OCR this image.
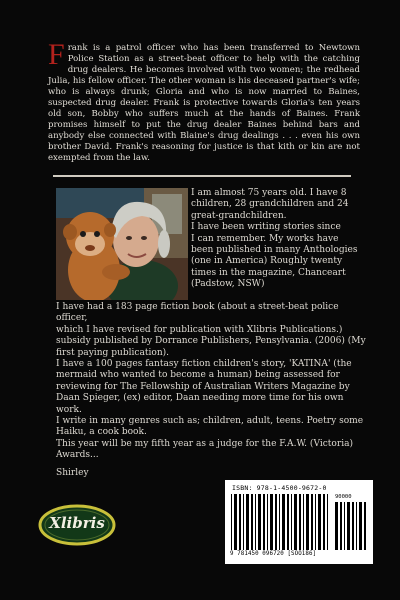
Frank is a patrol officer who has been transferred to Newtown Police Station as a street-beat officer to help with the catching drug dealers. He becomes involved with two women; the redhead Julia, his fellow officer. The other woman is his deceased partner's wife; who is always drunk; Gloria and who is now married to Baines, suspected drug dealer. Frank is protective towards Gloria's ten years old son, Bobby who suffers much at the hands of Baines. Frank promises himself to put the drug dealer Baines behind bars and anybody else connected with Blaine's drug dealings . . . even his own brother David. Frank's reasoning for justice is that kith or kin are not exempted from the law.

I am almost 75 years old. I have 8

children, 28 grandchildren and 24

great-grandchildren.

I have been writing stories since

I can remember. My works have

been published in many Anthologies

(one in America) Roughly twenty

times in the magazine, Chanceart

(Padstow, NSW)

I have had a 183 page fiction book (about a street-beat police officer,

which I have revised for publication with Xlibris Publications.)

subsidy published by Dorrance Publishers, Pensylvania. (2006) (My

first paying publication).

I have a 100 pages fantasy fiction children's story, 'KATINA' (the

mermaid who wanted to become a human) being assessed for

reviewing for The Fellowship of Australian Writers Magazine by

Daan Spieger, (ex) editor, Daan needing more time for his own work.

I write in many genres such as; children, adult, teens. Poetry some

Haiku, a cook book.

This year will be my fifth year as a judge for the F.A.W. (Victoria)

Awards...

Shirley

Xlibris
ISBN: 978-1-4500-9672-0
90000
9 781450 096720 [SOO186]
